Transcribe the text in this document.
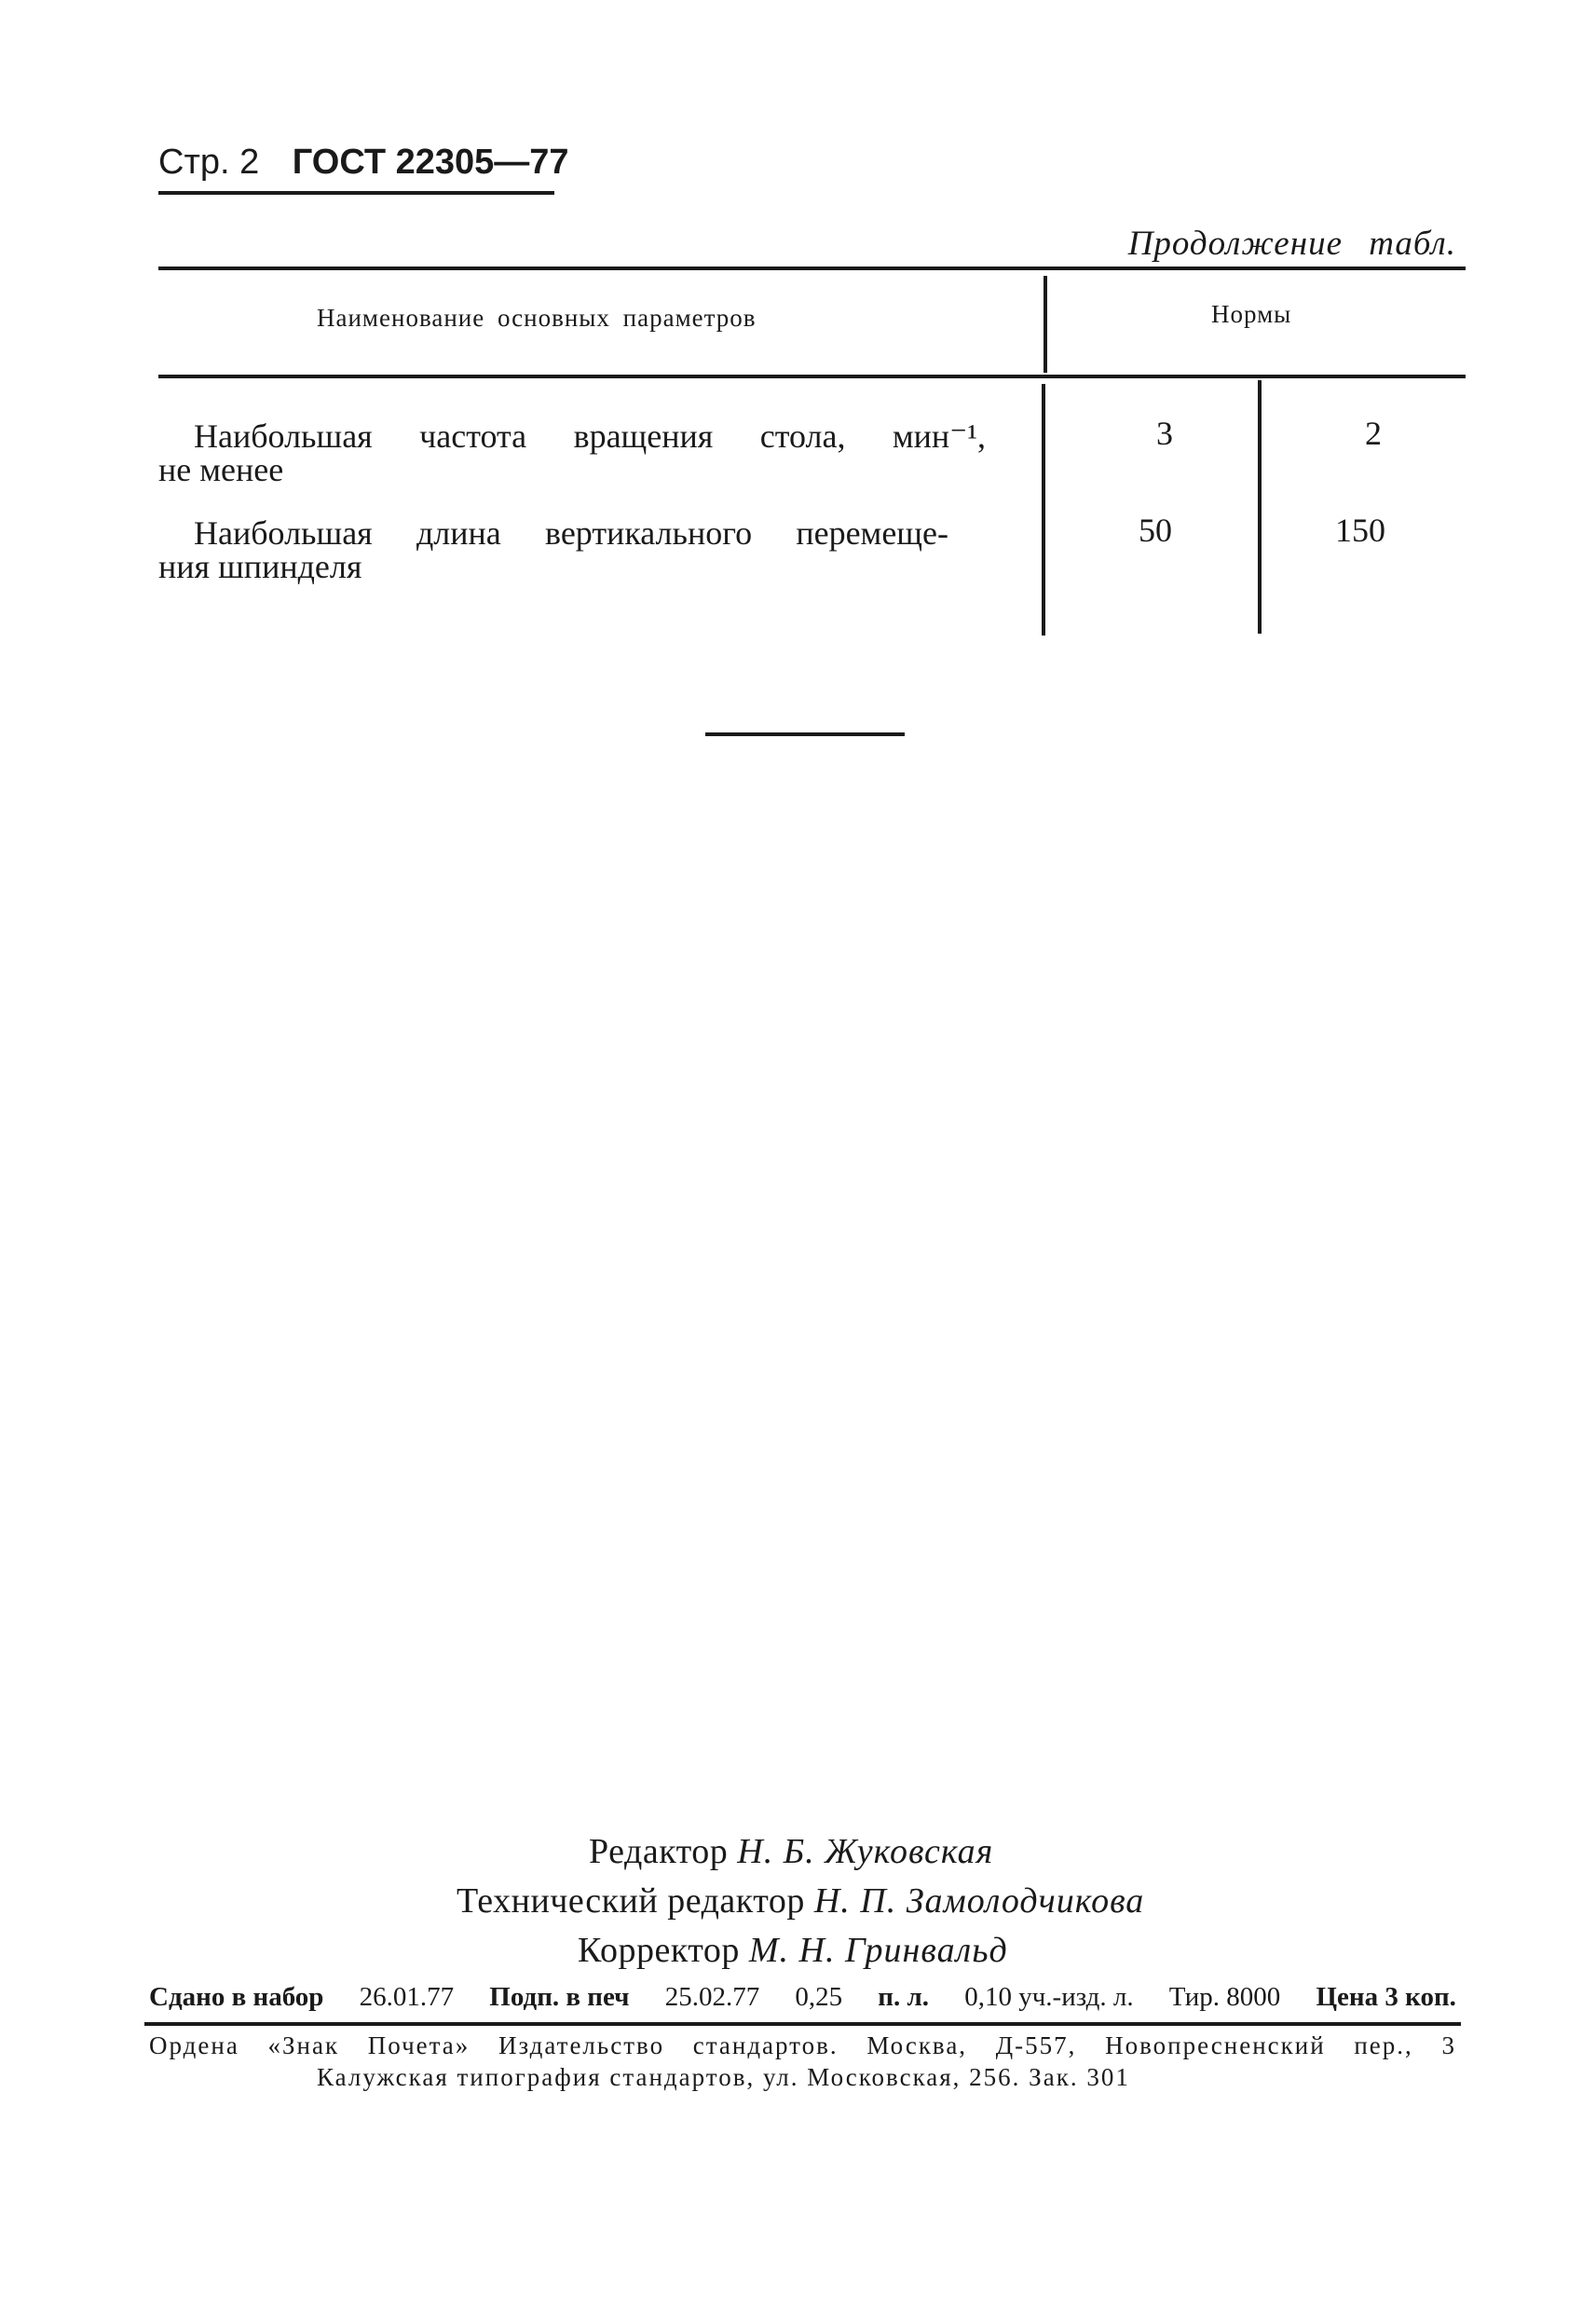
Стр. 2 ГОСТ 22305—77
Продолжение табл.
Наименование основных параметров	Нормы
Наибольшая частота вращения стола, мин⁻¹,
не менее
3	2
Наибольшая длина вертикального перемеще-
ния шпинделя
50	150
Редактор Н. Б. Жуковская
Технический редактор Н. П. Замолодчикова
Корректор М. Н. Гринвальд
Сдано в набор 26.01.77 Подп. в печ 25.02.77 0,25 п. л. 0,10 уч.-изд. л. Тир. 8000 Цена 3 коп.
Ордена «Знак Почета» Издательство стандартов. Москва, Д-557, Новопресненский пер., 3
Калужская типография стандартов, ул. Московская, 256. Зак. 301
